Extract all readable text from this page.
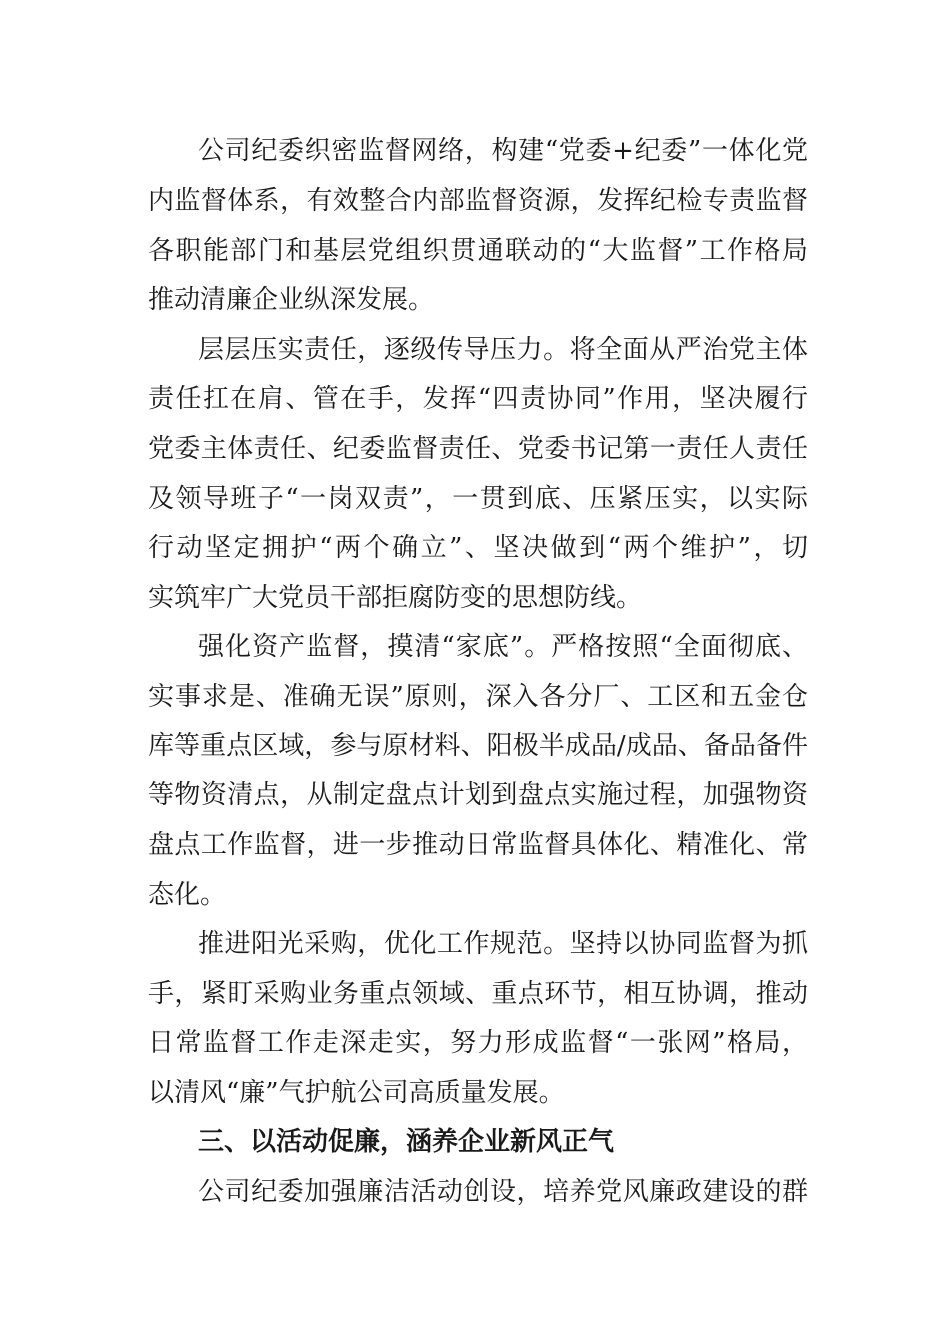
公司纪委织密监督网络，构建“党委+纪委”一体化党
内监督体系，有效整合内部监督资源，发挥纪检专责监督
各职能部门和基层党组织贯通联动的“大监督”工作格局
推动清廉企业纵深发展。
层层压实责任，逐级传导压力。将全面从严治党主体
责任扛在肩、管在手，发挥“四责协同”作用，坚决履行
党委主体责任、纪委监督责任、党委书记第一责任人责任
及领导班子“一岗双责”，一贯到底、压紧压实，以实际
行动坚定拥护“两个确立”、坚决做到“两个维护”，切
实筑牢广大党员干部拒腐防变的思想防线。
强化资产监督，摸清“家底”。严格按照“全面彻底、
实事求是、准确无误”原则，深入各分厂、工区和五金仓
库等重点区域，参与原材料、阳极半成品/成品、备品备件
等物资清点，从制定盘点计划到盘点实施过程，加强物资
盘点工作监督，进一步推动日常监督具体化、精准化、常
态化。
推进阳光采购，优化工作规范。坚持以协同监督为抓
手，紧盯采购业务重点领域、重点环节，相互协调，推动
日常监督工作走深走实，努力形成监督“一张网”格局，
以清风“廉”气护航公司高质量发展。
三、以活动促廉，涵养企业新风正气
公司纪委加强廉洁活动创设，培养党风廉政建设的群
